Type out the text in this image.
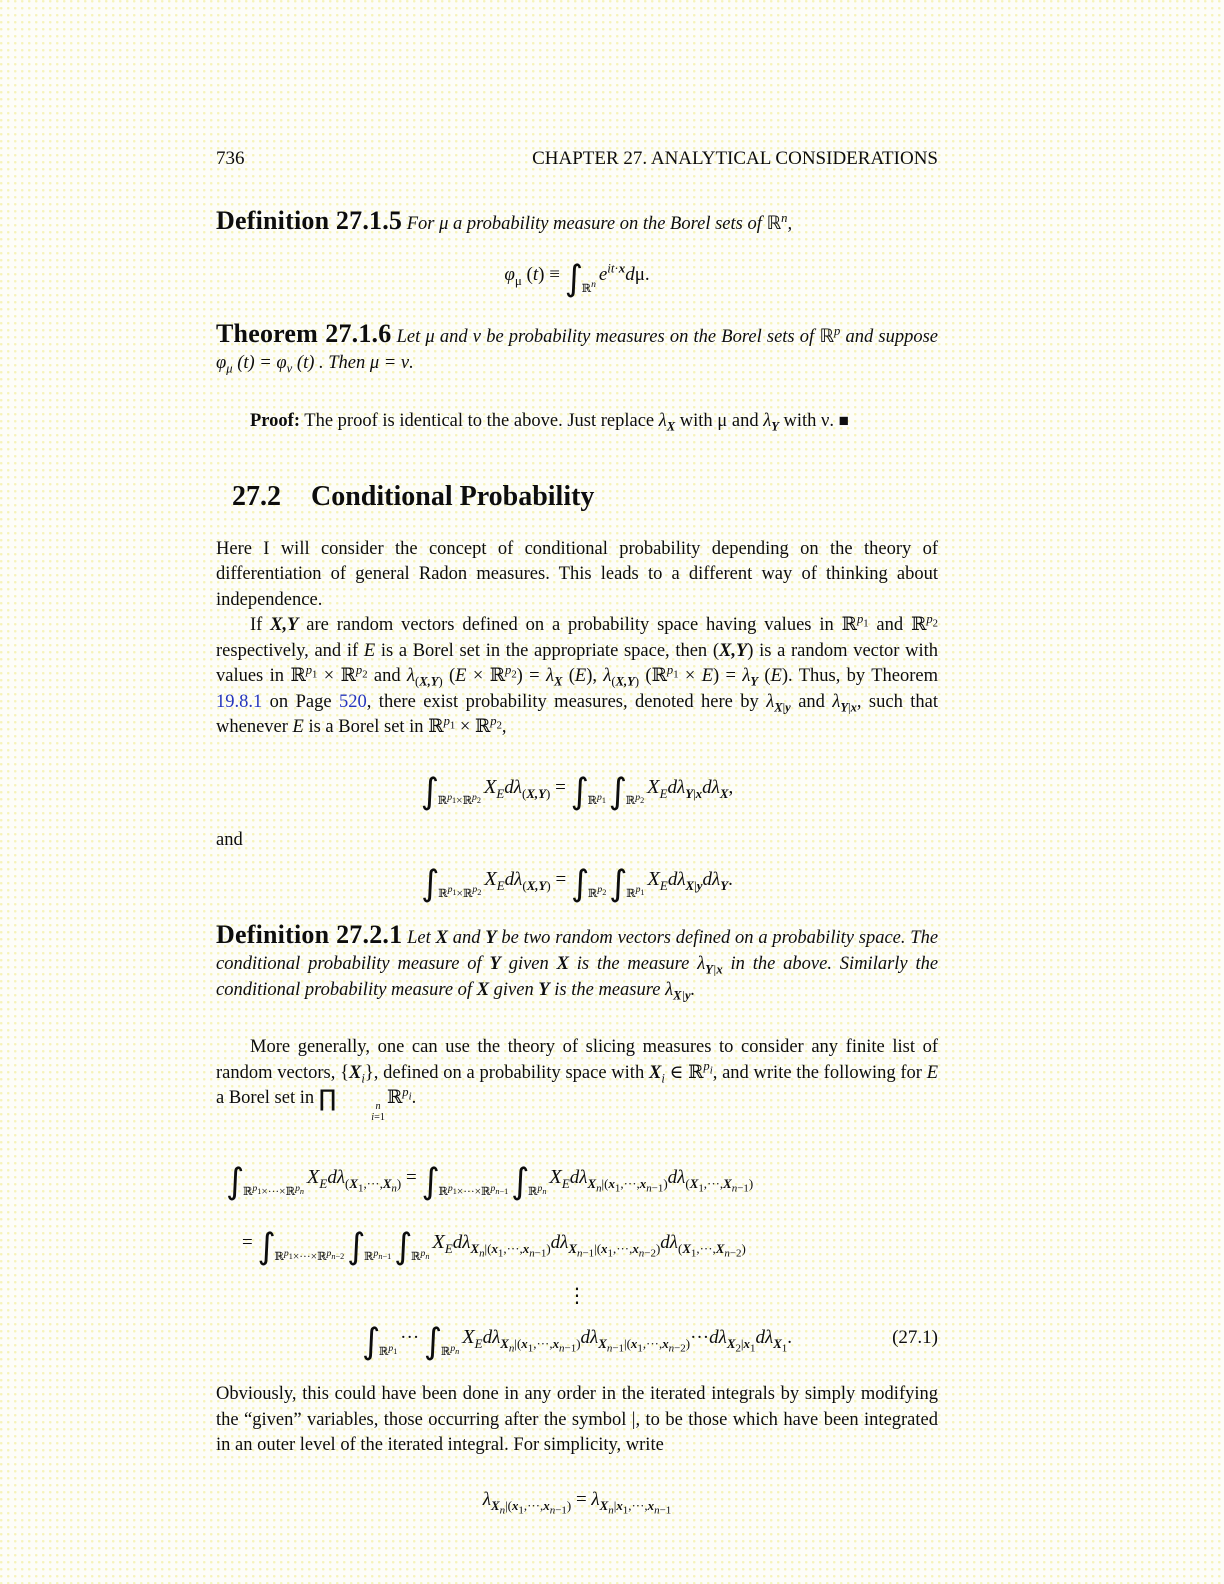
736	CHAPTER 27. ANALYTICAL CONSIDERATIONS

Definition 27.1.5 For μ a probability measure on the Borel sets of ℝ$^n$,

$\varphi_\mu$ $(t) \equiv \int_{ℝ^n}$ $e^{it\cdot x}d\mu$.

Theorem 27.1.6 Let μ and ν be probability measures on the Borel sets of ℝ$^p$ and suppose $\varphi_\mu$ $(t) = \varphi_\nu$ (t) . Then μ = ν.

Proof: The proof is identical to the above. Just replace $\lambda_X$ with μ and $\lambda_Y$ with ν. ■

27.2 Conditional Probability

Here I will consider the concept of conditional probability depending on the theory of differentiation of general Radon measures. This leads to a different way of thinking about independence.

If X,Y are random vectors defined on a probability space having values in ℝ$^{p_1}$ and ℝ$^{p_2}$ respectively, and if E is a Borel set in the appropriate space, then (X,Y) is a random vector with values in ℝ$^{p_1}$ × ℝ$^{p_2}$ and $\lambda_{(X,Y)}$ (E × ℝ$^{p_2}$) = $\lambda_X$ (E), $\lambda_{(X,Y)}$ (ℝ$^{p_1}$ × $E) = \lambda_Y$ (E). Thus, by Theorem 19.8.1 on Page 520, there exist probability measures, denoted here by $\lambda_{X|y}$ and $\lambda_{Y|x}$, such that whenever E is a Borel set in ℝ$^{p_1}$ × ℝ$^{p_2}$,

$\int_{ℝ^{p_1}\times ℝ^{p_2}}X_Ed\lambda_{(X,Y)} = \int_{ℝ^{p_1}}\int_{ℝ^{p_2}}X_Ed\lambda_{Y|x}d\lambda_X$,

and

$\int_{ℝ^{p_1}\times ℝ^{p_2}}X_Ed\lambda_{(X,Y)} = \int_{ℝ^{p_2}}\int_{ℝ^{p_1}}X_Ed\lambda_{X|y}d\lambda_Y$.

Definition 27.2.1 Let X and Y be two random vectors defined on a probability space. The conditional probability measure of Y given X is the measure $\lambda_{Y|x}$ in the above. Similarly the conditional probability measure of X given Y is the measure $\lambda_{X|y}$.

More generally, one can use the theory of slicing measures to consider any finite list of random vectors, $\{X_i\}$, defined on a probability space with $X_i$ ∈ ℝ$^{p_i}$, and write the following for E a Borel set in ∏	n
i=1
ℝ$^{p_i}$.

$\int_{ℝ^{p_1}\times\cdot\cdot\cdot\times ℝ^{p_n}}X_Ed\lambda_{(X_1,\cdot\cdot\cdot,X_n)} = \int_{ℝ^{p_1}\times\cdot\cdot\cdot\times ℝ^{p_{n-1}}}\int_{ℝ^{p_n}}X_Ed\lambda_{X_n|(x_1,\cdot\cdot\cdot,x_{n-1})}d\lambda_{(X_1,\cdot\cdot\cdot,X_{n-1})}$
= $\int_{ℝ^{p_1}\times\cdot\cdot\cdot\times ℝ^{p_{n-2}}}\int_{ℝ^{p_{n-1}}}\int_{ℝ^{p_n}}X_Ed\lambda_{X_n|(x_1,\cdot\cdot\cdot,x_{n-1})}d\lambda_{X_{n-1}|(x_1,\cdot\cdot\cdot,x_{n-2})}d\lambda_{(X_1,\cdot\cdot\cdot,X_{n-2})}$
⋮
$\int_{ℝ^{p_1}}\cdot\cdot\cdot \int_{ℝ^{p_n}}X_Ed\lambda_{X_n|(x_1,\cdot\cdot\cdot,x_{n-1})}d\lambda_{X_{n-1}|(x_1,\cdot\cdot\cdot,x_{n-2})}\cdot\cdot\cdot d\lambda_{X_2|x_1}d\lambda_{X_1}$.	(27.1)

Obviously, this could have been done in any order in the iterated integrals by simply modifying the “given” variables, those occurring after the symbol |, to be those which have been integrated in an outer level of the iterated integral. For simplicity, write

$\lambda_{X_n|(x_1,\cdot\cdot\cdot,x_{n-1})} = \lambda_{X_n|x_1,\cdot\cdot\cdot,x_{n-1}}$
